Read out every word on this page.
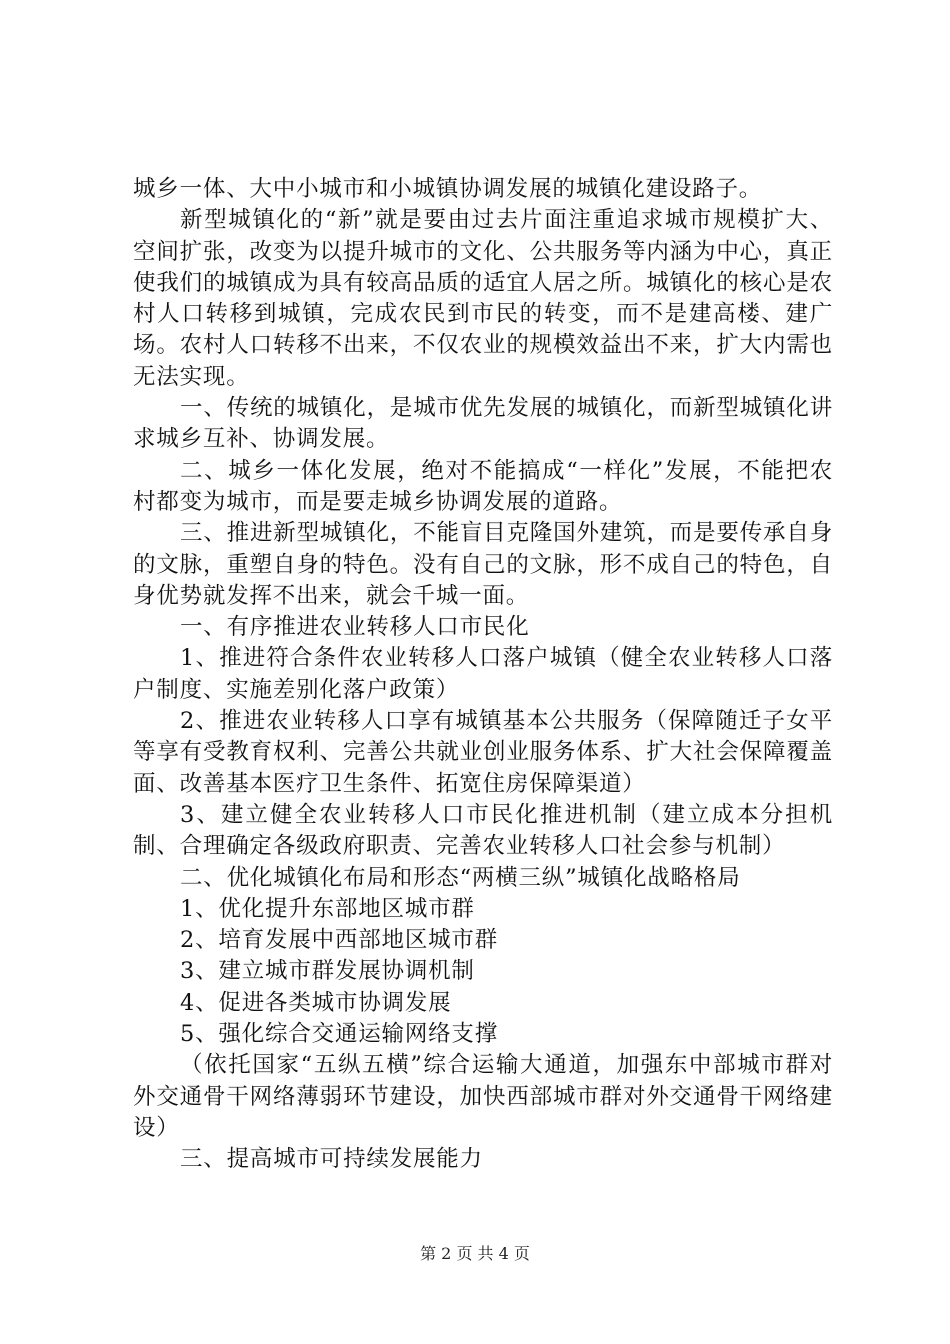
城乡一体、大中小城市和小城镇协调发展的城镇化建设路子。

新型城镇化的“新”就是要由过去片面注重追求城市规模扩大、空间扩张，改变为以提升城市的文化、公共服务等内涵为中心，真正使我们的城镇成为具有较高品质的适宜人居之所。城镇化的核心是农村人口转移到城镇，完成农民到市民的转变，而不是建高楼、建广场。农村人口转移不出来，不仅农业的规模效益出不来，扩大内需也无法实现。

一、传统的城镇化，是城市优先发展的城镇化，而新型城镇化讲求城乡互补、协调发展。

二、城乡一体化发展，绝对不能搞成“一样化”发展，不能把农村都变为城市，而是要走城乡协调发展的道路。

三、推进新型城镇化，不能盲目克隆国外建筑，而是要传承自身的文脉，重塑自身的特色。没有自己的文脉，形不成自己的特色，自身优势就发挥不出来，就会千城一面。

一、有序推进农业转移人口市民化

1、推进符合条件农业转移人口落户城镇（健全农业转移人口落户制度、实施差别化落户政策）

2、推进农业转移人口享有城镇基本公共服务（保障随迁子女平等享有受教育权利、完善公共就业创业服务体系、扩大社会保障覆盖面、改善基本医疗卫生条件、拓宽住房保障渠道）

3、建立健全农业转移人口市民化推进机制（建立成本分担机制、合理确定各级政府职责、完善农业转移人口社会参与机制）

二、优化城镇化布局和形态“两横三纵”城镇化战略格局

1、优化提升东部地区城市群

2、培育发展中西部地区城市群

3、建立城市群发展协调机制

4、促进各类城市协调发展

5、强化综合交通运输网络支撑

（依托国家“五纵五横”综合运输大通道，加强东中部城市群对外交通骨干网络薄弱环节建设，加快西部城市群对外交通骨干网络建设）

三、提高城市可持续发展能力

第 2 页 共 4 页
